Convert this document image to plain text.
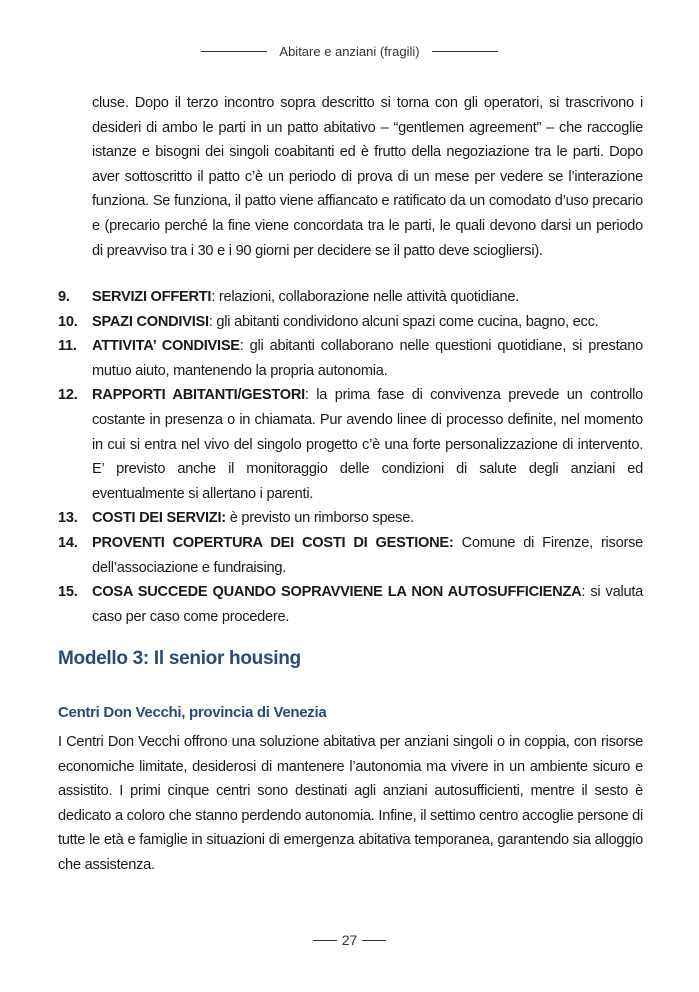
Abitare e anziani (fragili)
cluse. Dopo il terzo incontro sopra descritto si torna con gli operatori, si trascrivono i desideri di ambo le parti in un patto abitativo – “gentlemen agreement” – che raccoglie istanze e bisogni dei singoli coabitanti ed è frutto della negoziazione tra le parti. Dopo aver sottoscritto il patto c’è un periodo di prova di un mese per vedere se l’interazione funziona. Se funziona, il patto viene affiancato e ratificato da un comodato d’uso precario e (precario perché la fine viene concordata tra le parti, le quali devono darsi un periodo di preavviso tra i 30 e i 90 giorni per decidere se il patto deve sciogliersi).
9.	SERVIZI OFFERTI: relazioni, collaborazione nelle attività quotidiane.
10. SPAZI CONDIVISI: gli abitanti condividono alcuni spazi come cucina, bagno, ecc.
11.	ATTIVITA’ CONDIVISE: gli abitanti collaborano nelle questioni quotidiane, si prestano mutuo aiuto, mantenendo la propria autonomia.
12. RAPPORTI ABITANTI/GESTORI: la prima fase di convivenza prevede un controllo costante in presenza o in chiamata. Pur avendo linee di processo definite, nel momento in cui si entra nel vivo del singolo progetto c’è una forte personalizzazione di intervento. E’ previsto anche il monitoraggio delle condizioni di salute degli anziani ed eventualmente si allertano i parenti.
13. COSTI DEI SERVIZI: è previsto un rimborso spese.
14. PROVENTI COPERTURA DEI COSTI DI GESTIONE: Comune di Firenze, risorse dell’associazione e fundraising.
15. COSA SUCCEDE QUANDO SOPRAVVIENE LA NON AUTOSUFFICIENZA: si valuta caso per caso come procedere.
Modello 3: Il senior housing
Centri Don Vecchi, provincia di Venezia
I Centri Don Vecchi offrono una soluzione abitativa per anziani singoli o in coppia, con risorse economiche limitate, desiderosi di mantenere l’autonomia ma vivere in un ambiente sicuro e assistito. I primi cinque centri sono destinati agli anziani autosufficienti, mentre il sesto è dedicato a coloro che stanno perdendo autonomia. Infine, il settimo centro accoglie persone di tutte le età e famiglie in situazioni di emergenza abitativa temporanea, garantendo sia alloggio che assistenza.
27
